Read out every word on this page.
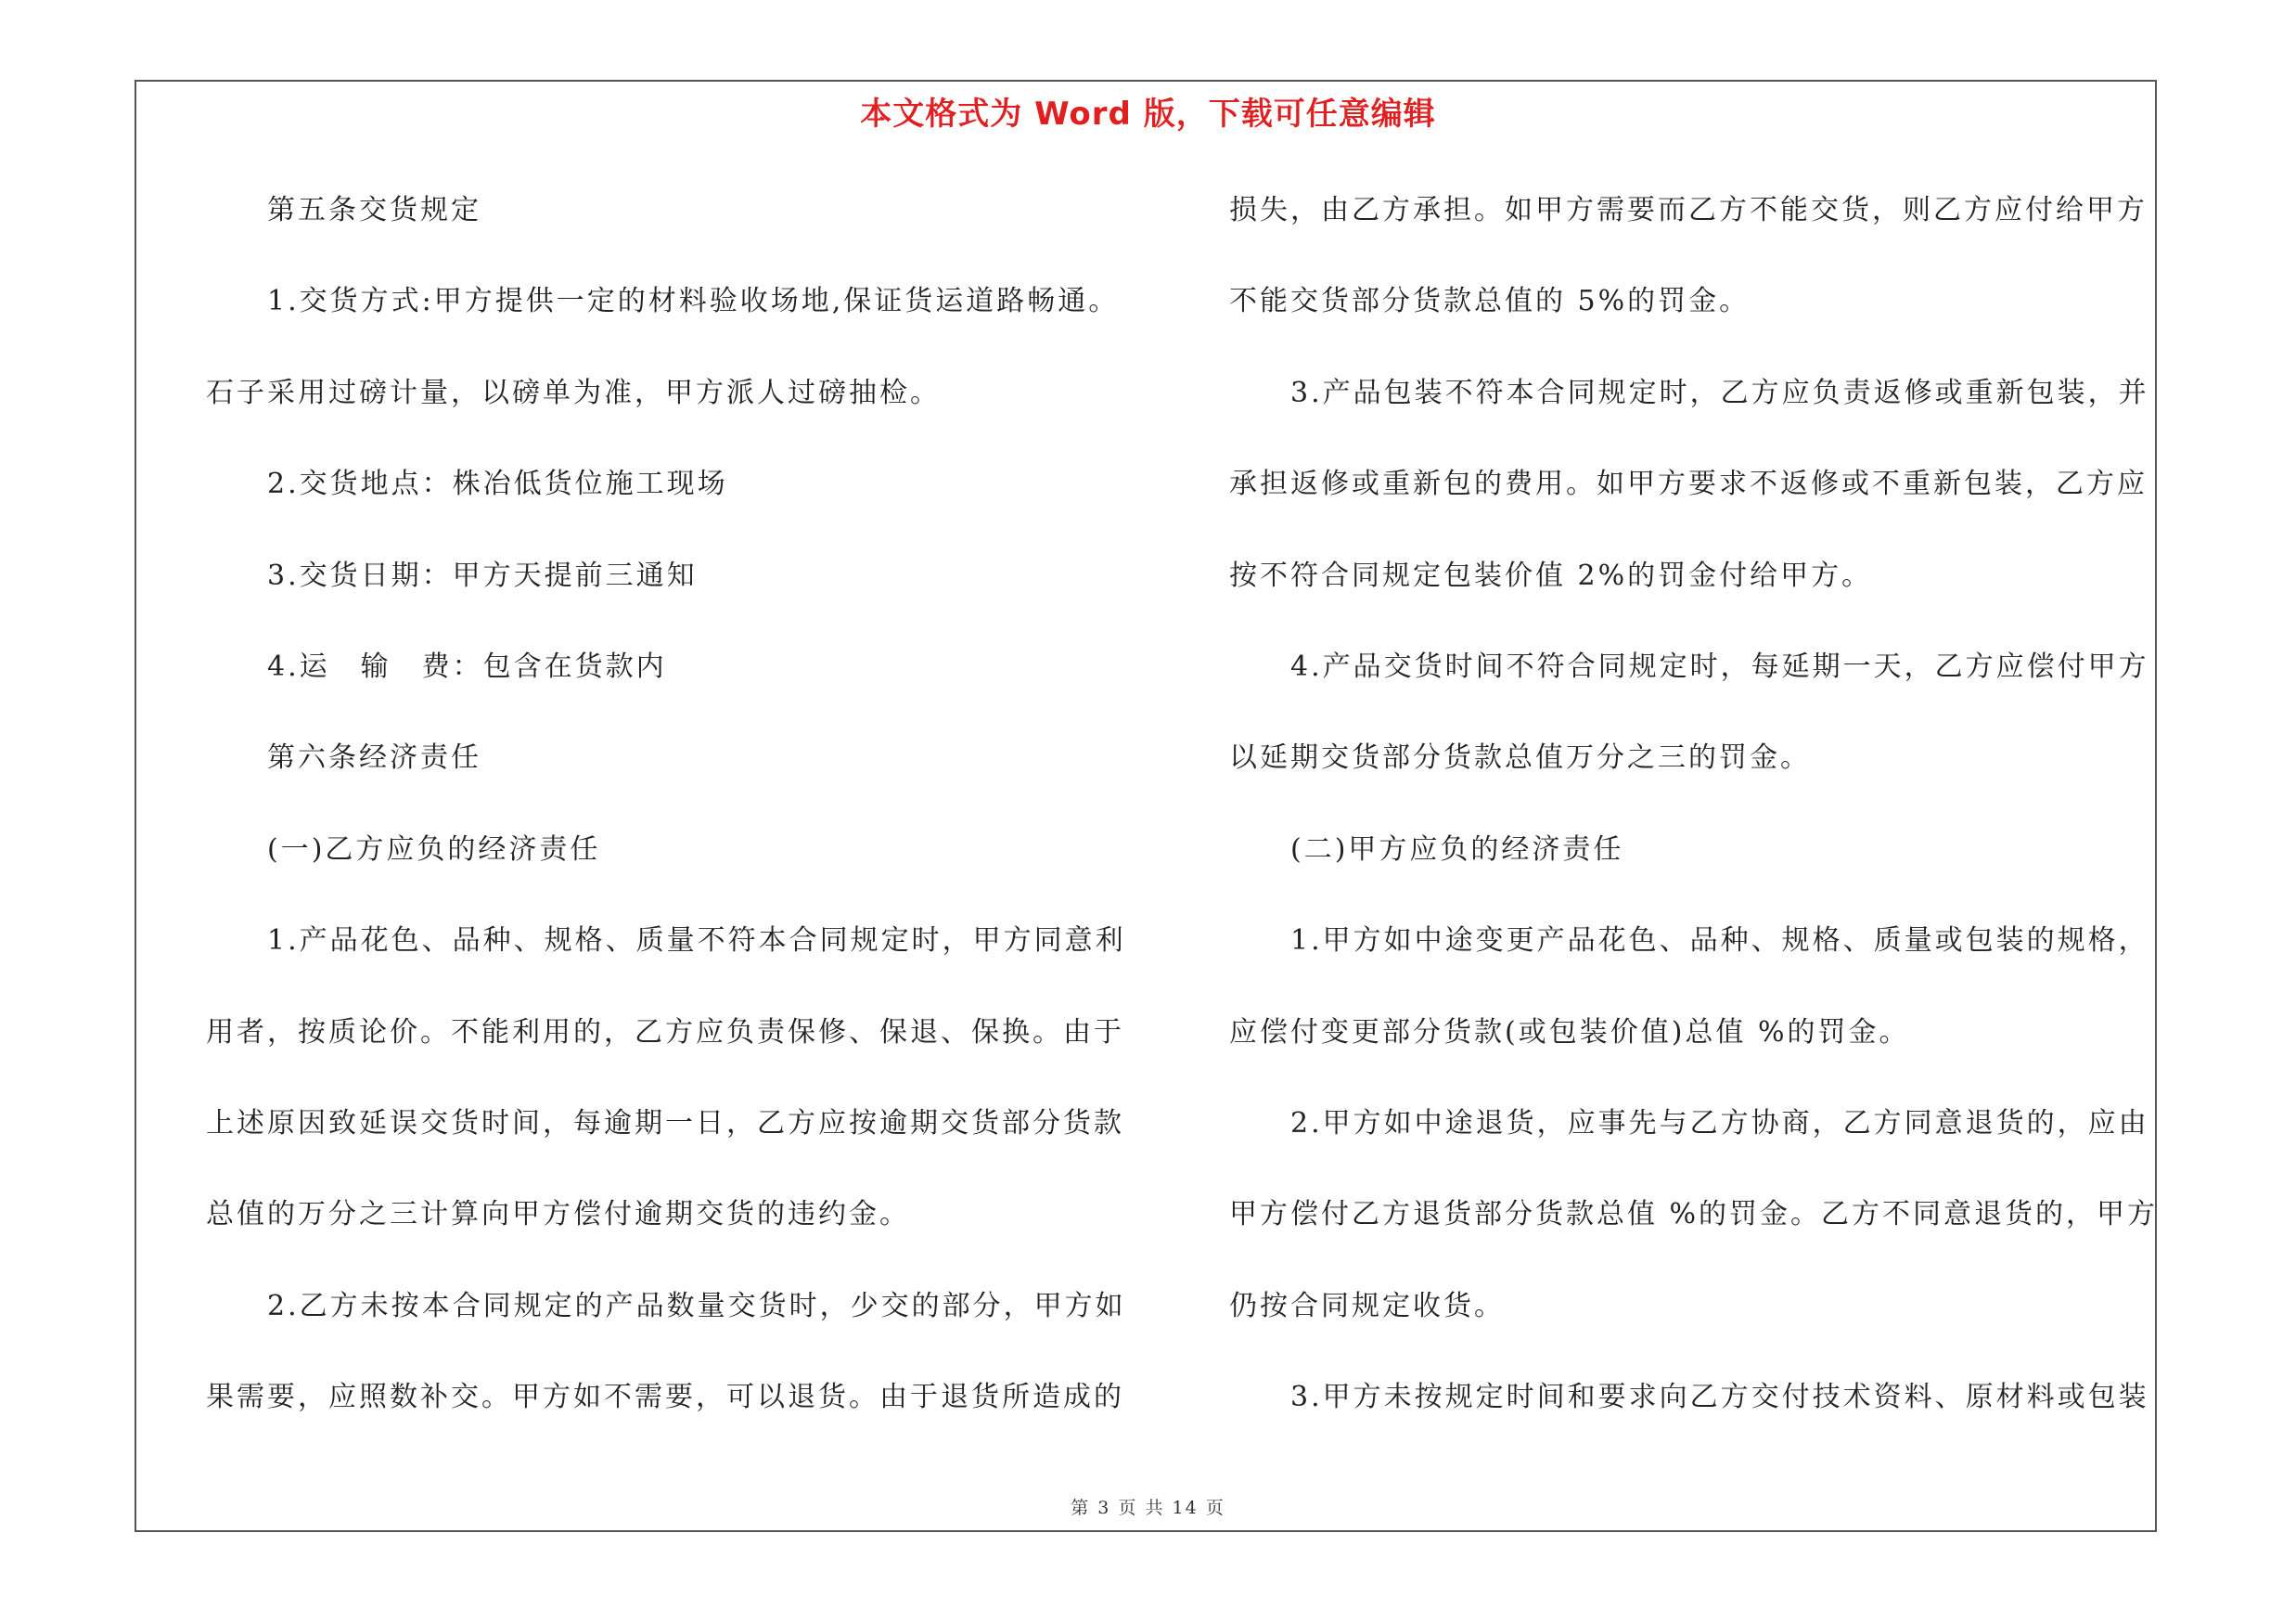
本文格式为 Word 版，下载可任意编辑
第五条交货规定
1.交货方式:甲方提供一定的材料验收场地,保证货运道路畅通。
石子采用过磅计量，以磅单为准，甲方派人过磅抽检。
2.交货地点：株冶低货位施工现场
3.交货日期：甲方天提前三通知
4.运　输　费：包含在货款内
第六条经济责任
(一)乙方应负的经济责任
1.产品花色、品种、规格、质量不符本合同规定时，甲方同意利
用者，按质论价。不能利用的，乙方应负责保修、保退、保换。由于
上述原因致延误交货时间，每逾期一日，乙方应按逾期交货部分货款
总值的万分之三计算向甲方偿付逾期交货的违约金。
2.乙方未按本合同规定的产品数量交货时，少交的部分，甲方如
果需要，应照数补交。甲方如不需要，可以退货。由于退货所造成的
损失，由乙方承担。如甲方需要而乙方不能交货，则乙方应付给甲方
不能交货部分货款总值的 5%的罚金。
3.产品包装不符本合同规定时，乙方应负责返修或重新包装，并
承担返修或重新包的费用。如甲方要求不返修或不重新包装，乙方应
按不符合同规定包装价值 2%的罚金付给甲方。
4.产品交货时间不符合同规定时，每延期一天，乙方应偿付甲方
以延期交货部分货款总值万分之三的罚金。
(二)甲方应负的经济责任
1.甲方如中途变更产品花色、品种、规格、质量或包装的规格，
应偿付变更部分货款(或包装价值)总值 %的罚金。
2.甲方如中途退货，应事先与乙方协商，乙方同意退货的，应由
甲方偿付乙方退货部分货款总值 %的罚金。乙方不同意退货的，甲方
仍按合同规定收货。
3.甲方未按规定时间和要求向乙方交付技术资料、原材料或包装
第 3 页 共 14 页
